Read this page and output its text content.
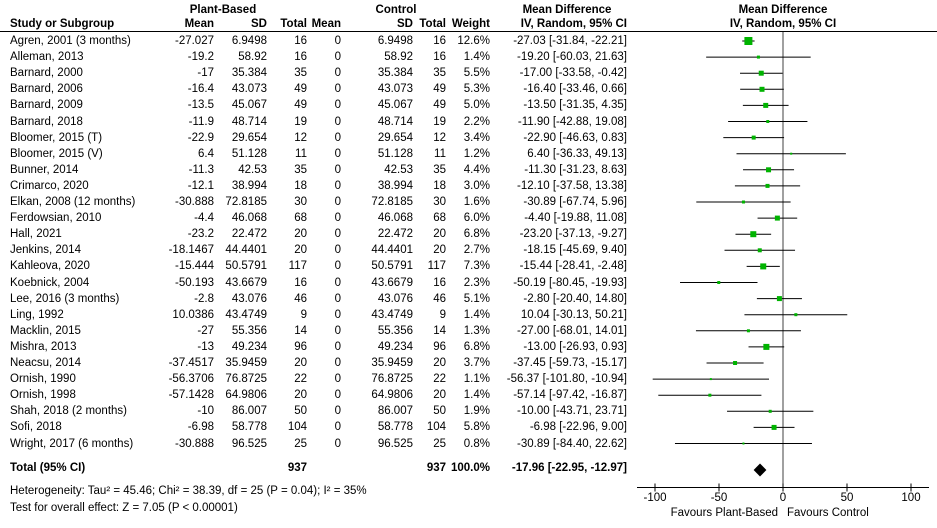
Plant-Based	Control	Mean Difference	Mean Difference
Study or Subgroup	Mean	SD Total Mean	SD Total Weight	IV, Random, 95% CI	IV, Random, 95% CI
Agren, 2001 (3 months)	-27.027 6.9498 16 0	6.9498 16 12.6% -27.03 [-31.84, -22.21]
Alleman, 2013	-19.2 58.92 16 0	58.92 16 1.4% -19.20 [-60.03, 21.63]
Barnard, 2000	-17 35.384 35 0	35.384 35 5.5%	-17.00 [-33.58, -0.42]
Barnard, 2006	-16.4 43.073 49 0	43.073 49 5.3%	-16.40 [-33.46, 0.66]
Barnard, 2009	-13.5 45.067 49 0	45.067 49 5.0%	-13.50 [-31.35, 4.35]
Barnard, 2018	-11.9 48.714 19 0	48.714 19 2.2% -11.90 [-42.88, 19.08]
Bloomer, 2015 (T)	-22.9 29.654 12 0	29.654 12 3.4%	-22.90 [-46.63, 0.83]
Bloomer, 2015 (V)	6.4 51.128 11 0	51.128 11 1.2%	6.40 [-36.33, 49.13]
Bunner, 2014	-11.3 42.53 35 0	42.53 35 4.4%	-11.30 [-31.23, 8.63]
Crimarco, 2020	-12.1 38.994 18 0	38.994 18 3.0% -12.10 [-37.58, 13.38]
Elkan, 2008 (12 months)	-30.888 72.8185 30 0	72.8185 30 1.6%	-30.89 [-67.74, 5.96]
Ferdowsian, 2010	-4.4 46.068 68 0	46.068 68 6.0%	-4.40 [-19.88, 11.08]
Hall, 2021	-23.2 22.472 20 0	22.472 20 6.8%	-23.20 [-37.13, -9.27]
Jenkins, 2014	-18.1467 44.4401 20 0	44.4401 20 2.7%	-18.15 [-45.69, 9.40]
Kahleova, 2020	-15.444 50.5791 117 0	50.5791 117 7.3%	-15.44 [-28.41, -2.48]
Koebnick, 2004	-50.193 43.6679 16 0	43.6679 16 2.3% -50.19 [-80.45, -19.93]
Lee, 2016 (3 months)	-2.8 43.076 46 0	43.076 46 5.1%	-2.80 [-20.40, 14.80]
Ling, 1992	10.0386 43.4749	9 0	43.4749 9 1.4%	10.04 [-30.13, 50.21]
Macklin, 2015	-27 55.356 14 0	55.356 14 1.3% -27.00 [-68.01, 14.01]
Mishra, 2013	-13 49.234 96 0	49.234 96 6.8%	-13.00 [-26.93, 0.93]
Neacsu, 2014	-37.4517 35.9459 20 0	35.9459 20 3.7% -37.45 [-59.73, -15.17]
Ornish, 1990	-56.3706 76.8725 22 0	76.8725 22 1.1% -56.37 [-101.80, -10.94]
Ornish, 1998	-57.1428 64.9806 20 0	64.9806 20 1.4% -57.14 [-97.42, -16.87]
Shah, 2018 (2 months)	-10 86.007 50 0	86.007 50 1.9% -10.00 [-43.71, 23.71]
Sofi, 2018	-6.98 58.778 104 0	58.778 104 5.8%	-6.98 [-22.96, 9.00]
Wright, 2017 (6 months)	-30.888 96.525 25 0	96.525 25 0.8% -30.89 [-84.40, 22.62]
Total (95% CI)	937	937 100.0% -17.96 [-22.95, -12.97]
Heterogeneity: Tau² = 45.46; Chi² = 38.39, df = 25 (P = 0.04); I² = 35%
Test for overall effect: Z = 7.05 (P < 0.00001)	Favours Plant-Based Favours Control
-100	-50	0	50	100
